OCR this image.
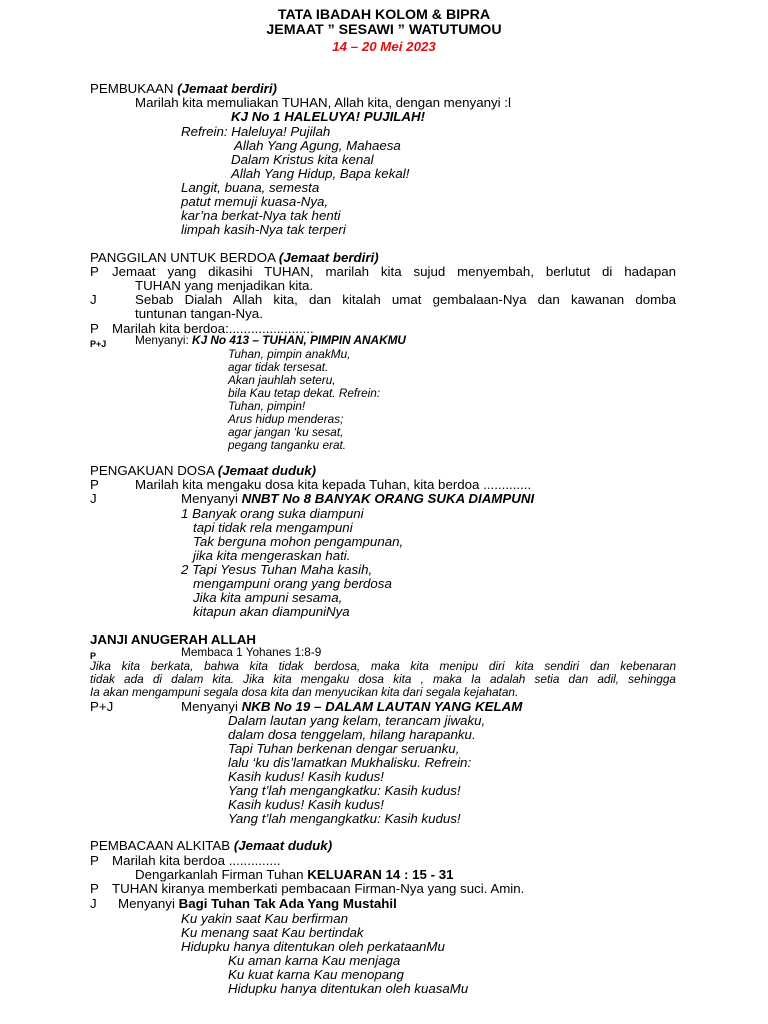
TATA IBADAH KOLOM & BIPRA
JEMAAT ” SESAWI ” WATUTUMOU
14 – 20 Mei 2023
PEMBUKAAN (Jemaat berdiri)
Marilah kita memuliakan TUHAN, Allah kita, dengan menyanyi :l
KJ No 1 HALELUYA! PUJILAH!
Refrein: Haleluya! Pujilah
Allah Yang Agung, Mahaesa
Dalam Kristus kita kenal
Allah Yang Hidup, Bapa kekal!
Langit, buana, semesta
patut memuji kuasa-Nya,
kar’na berkat-Nya tak henti
limpah kasih-Nya tak terperi
PANGGILAN UNTUK BERDOA (Jemaat berdiri)
P Jemaat yang dikasihi TUHAN, marilah kita sujud menyembah, berlutut di hadapan
TUHAN yang menjadikan kita.
J	Sebab Dialah Allah kita, dan kitalah umat gembalaan-Nya dan kawanan domba
tuntunan tangan-Nya.
P Marilah kita berdoa:.......................
P+J Menyanyi: KJ No 413 – TUHAN, PIMPIN ANAKMU
Tuhan, pimpin anakMu,
agar tidak tersesat.
Akan jauhlah seteru,
bila Kau tetap dekat. Refrein:
Tuhan, pimpin!
Arus hidup menderas;
agar jangan ‘ku sesat,
pegang tanganku erat.
PENGAKUAN DOSA (Jemaat duduk)
P	Marilah kita mengaku dosa kita kepada Tuhan, kita berdoa .............
J	Menyanyi NNBT No 8 BANYAK ORANG SUKA DIAMPUNI
1 Banyak orang suka diampuni
tapi tidak rela mengampuni
Tak berguna mohon pengampunan,
jika kita mengeraskan hati.
2 Tapi Yesus Tuhan Maha kasih,
mengampuni orang yang berdosa
Jika kita ampuni sesama,
kitapun akan diampuniNya
JANJI ANUGERAH ALLAH
P	Membaca 1 Yohanes 1:8-9
Jika kita berkata, bahwa kita tidak berdosa, maka kita menipu diri kita sendiri dan kebenaran
tidak ada di dalam kita. Jika kita mengaku dosa kita , maka Ia adalah setia dan adil, sehingga
Ia akan mengampuni segala dosa kita dan menyucikan kita dari segala kejahatan.
P+J	Menyanyi NKB No 19 – DALAM LAUTAN YANG KELAM
Dalam lautan yang kelam, terancam jiwaku,
dalam dosa tenggelam, hilang harapanku.
Tapi Tuhan berkenan dengar seruanku,
lalu ‘ku dis’lamatkan Mukhalisku. Refrein:
Kasih kudus! Kasih kudus!
Yang t’lah mengangkatku: Kasih kudus!
Kasih kudus! Kasih kudus!
Yang t’lah mengangkatku: Kasih kudus!
PEMBACAAN ALKITAB (Jemaat duduk)
P Marilah kita berdoa ..............
Dengarkanlah Firman Tuhan KELUARAN 14 : 15 - 31
P TUHAN kiranya memberkati pembacaan Firman-Nya yang suci. Amin.
J Menyanyi Bagi Tuhan Tak Ada Yang Mustahil
Ku yakin saat Kau berfirman
Ku menang saat Kau bertindak
Hidupku hanya ditentukan oleh perkataanMu
Ku aman karna Kau menjaga
Ku kuat karna Kau menopang
Hidupku hanya ditentukan oleh kuasaMu
